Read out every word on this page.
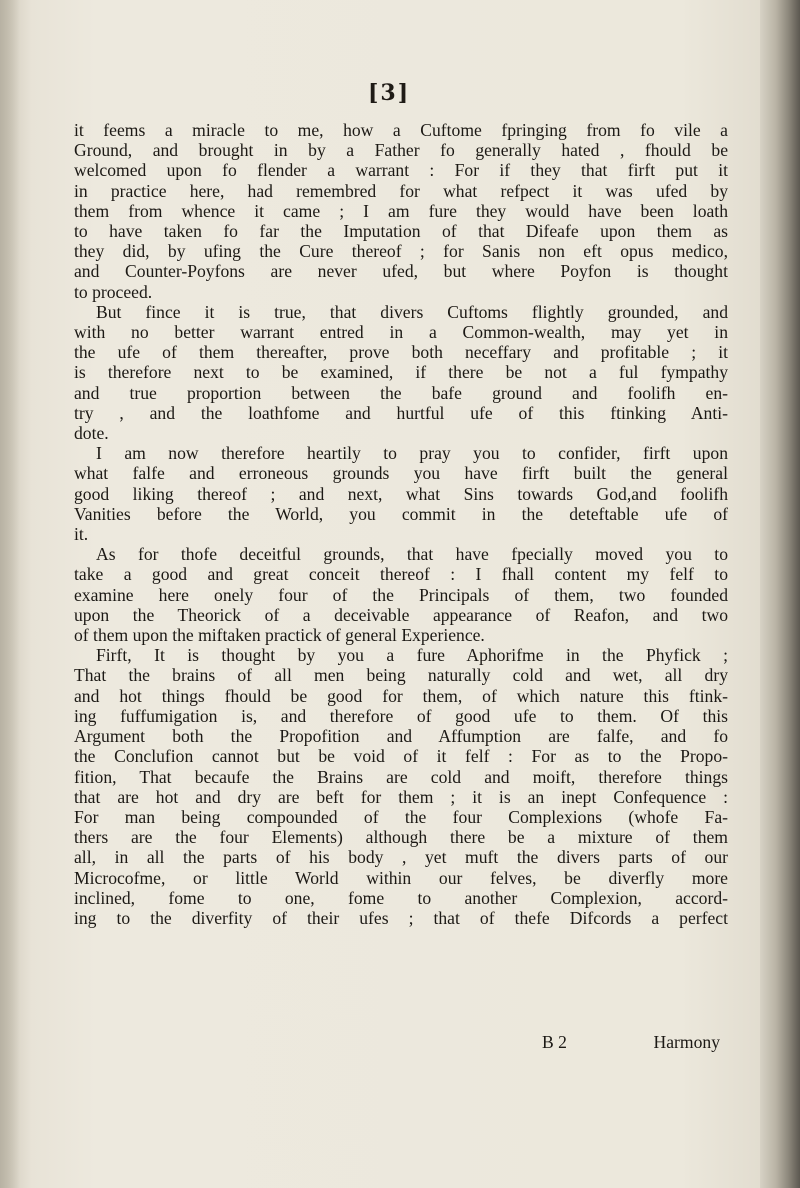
[3]
it feems a miracle to me, how a Cuftome fpringing from fo vile a
Ground, and brought in by a Father fo generally hated , fhould be
welcomed upon fo flender a warrant : For if they that firft put it
in practice here, had remembred for what refpect it was ufed by
them from whence it came ; I am fure they would have been loath
to have taken fo far the Imputation of that Difeafe upon them as
they did, by ufing the Cure thereof ; for Sanis non eft opus medico,
and Counter-Poyfons are never ufed, but where Poyfon is thought
to proceed.
But fince it is true, that divers Cuftoms flightly grounded, and
with no better warrant entred in a Common-wealth, may yet in
the ufe of them thereafter, prove both neceffary and profitable ; it
is therefore next to be examined, if there be not a ful fympathy
and true proportion between the bafe ground and foolifh en-
try , and the loathfome and hurtful ufe of this ftinking Anti-
dote.
I am now therefore heartily to pray you to confider, firft upon
what falfe and erroneous grounds you have firft built the general
good liking thereof ; and next, what Sins towards God,and foolifh
Vanities before the World, you commit in the deteftable ufe of
it.
As for thofe deceitful grounds, that have fpecially moved you to
take a good and great conceit thereof : I fhall content my felf to
examine here onely four of the Principals of them, two founded
upon the Theorick of a deceivable appearance of Reafon, and two
of them upon the miftaken practick of general Experience.
Firft, It is thought by you a fure Aphorifme in the Phyfick ;
That the brains of all men being naturally cold and wet, all dry
and hot things fhould be good for them, of which nature this ftink-
ing fuffumigation is, and therefore of good ufe to them. Of this
Argument both the Propofition and Affumption are falfe, and fo
the Conclufion cannot but be void of it felf : For as to the Propo-
fition, That becaufe the Brains are cold and moift, therefore things
that are hot and dry are beft for them ; it is an inept Confequence :
For man being compounded of the four Complexions (whofe Fa-
thers are the four Elements) although there be a mixture of them
all, in all the parts of his body , yet muft the divers parts of our
Microcofme, or little World within our felves, be diverfly more
inclined, fome to one, fome to another Complexion, accord-
ing to the diverfity of their ufes ; that of thefe Difcords a perfect
B 2	Harmony
